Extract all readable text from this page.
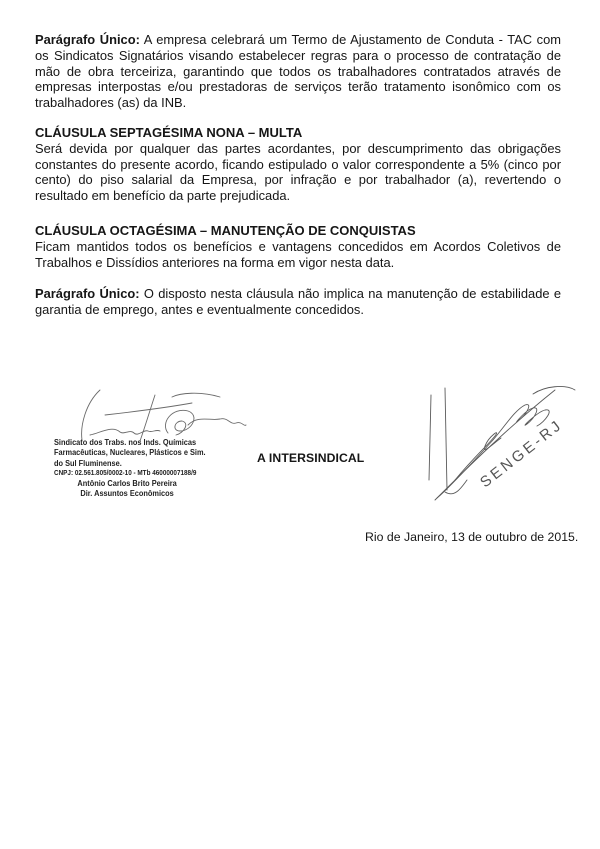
Parágrafo Único: A empresa celebrará um Termo de Ajustamento de Conduta - TAC com os Sindicatos Signatários visando estabelecer regras para o processo de contratação de mão de obra terceiriza, garantindo que todos os trabalhadores contratados através de empresas interpostas e/ou prestadoras de serviços terão tratamento isonômico com os trabalhadores (as) da INB.

CLÁUSULA SEPTAGÉSIMA NONA – MULTA

Será devida por qualquer das partes acordantes, por descumprimento das obrigações constantes do presente acordo, ficando estipulado o valor correspondente a 5% (cinco por cento) do piso salarial da Empresa, por infração e por trabalhador (a), revertendo o resultado em benefício da parte prejudicada.

CLÁUSULA OCTAGÉSIMA – MANUTENÇÃO DE CONQUISTAS

Ficam mantidos todos os benefícios e vantagens concedidos em Acordos Coletivos de Trabalhos e Dissídios anteriores na forma em vigor nesta data.

Parágrafo Único: O disposto nesta cláusula não implica na manutenção de estabilidade e garantia de emprego, antes e eventualmente concedidos.

Sindicato dos Trabs. nos Inds. Químicas
Farmacêuticas, Nucleares, Plásticos e Sim.
do Sul Fluminense.
CNPJ: 02.561.805/0002-10 - MTb 46000007188/9
Antônio Carlos Brito Pereira
Dir. Assuntos Econômicos
A INTERSINDICAL	SENGE-RJ
Rio de Janeiro, 13 de outubro de 2015.
